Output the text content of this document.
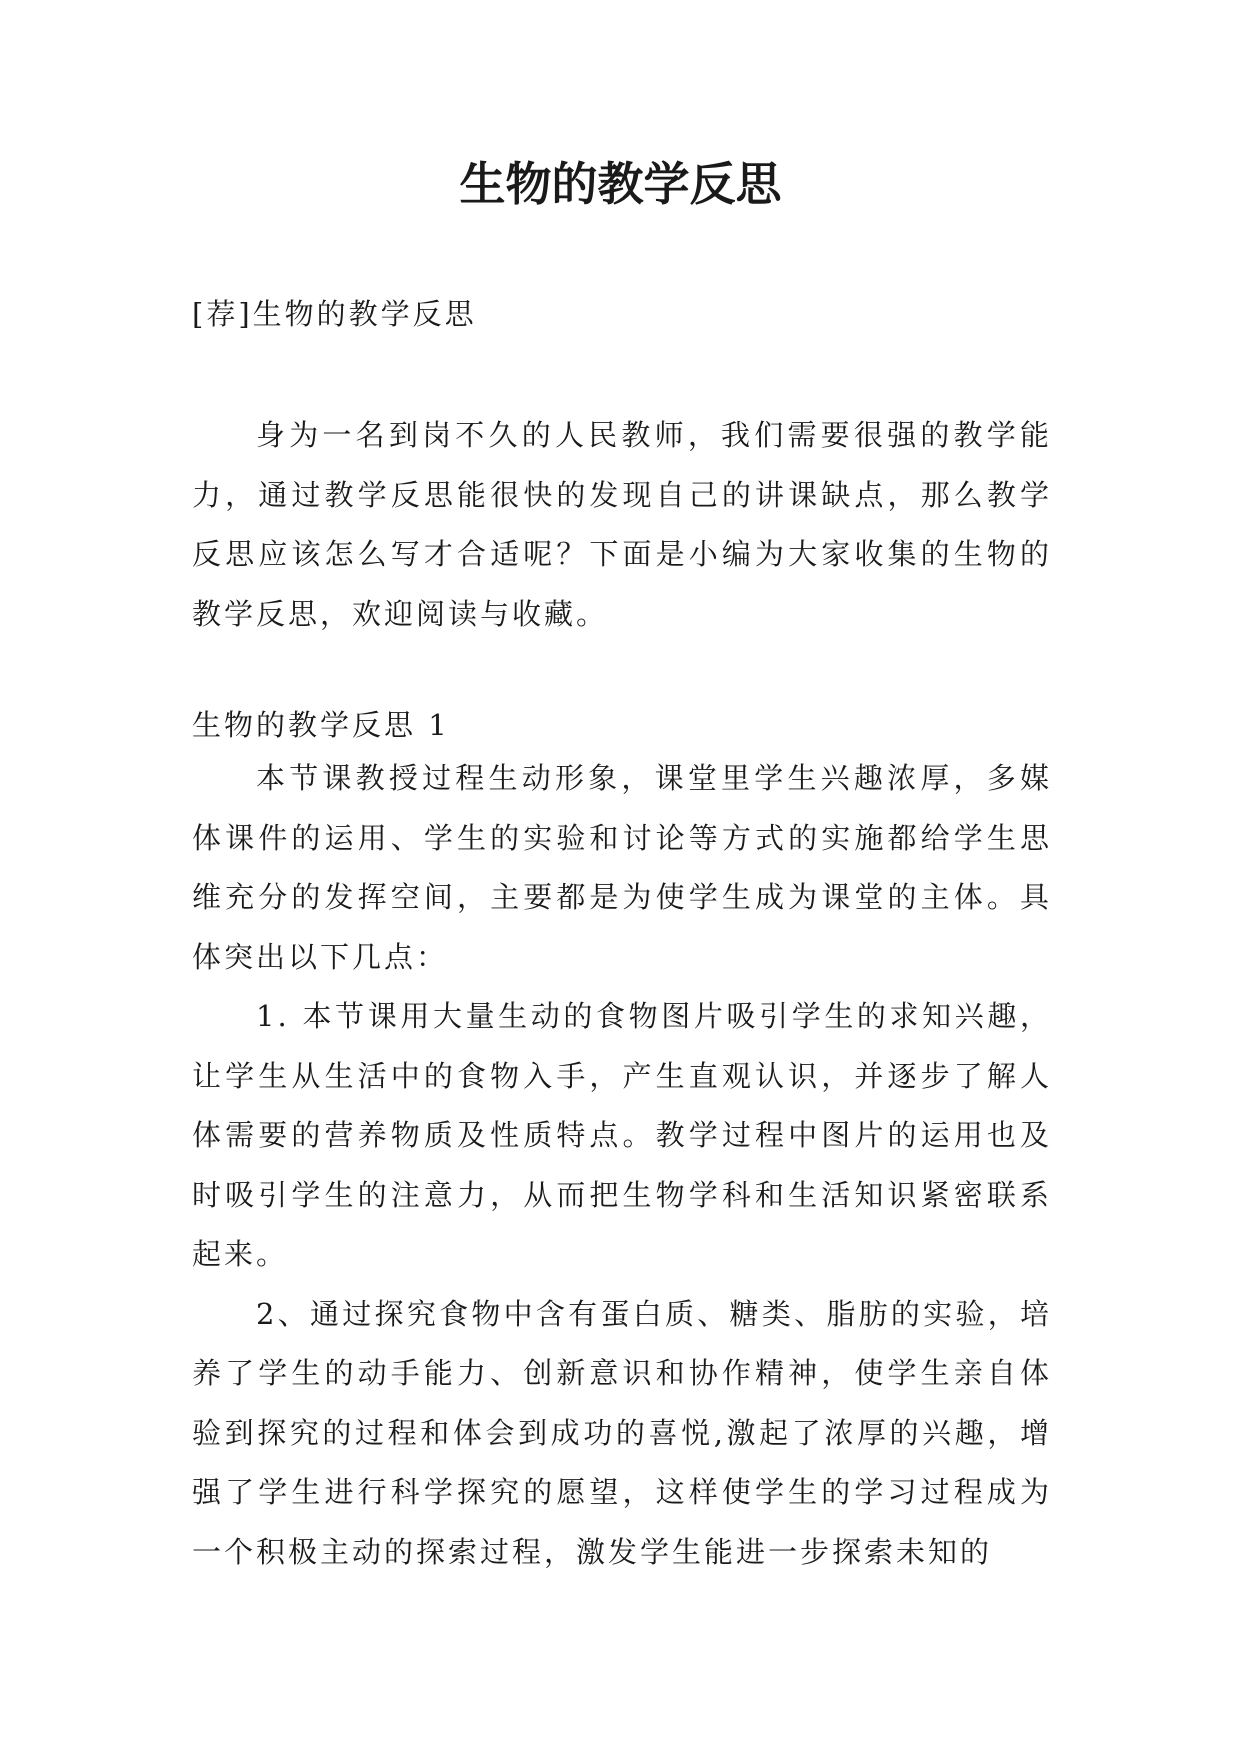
生物的教学反思
[荐]生物的教学反思

身为一名到岗不久的人民教师，我们需要很强的教学能力，通过教学反思能很快的发现自己的讲课缺点，那么教学反思应该怎么写才合适呢？下面是小编为大家收集的生物的教学反思，欢迎阅读与收藏。

生物的教学反思 1

本节课教授过程生动形象，课堂里学生兴趣浓厚，多媒体课件的运用、学生的实验和讨论等方式的实施都给学生思维充分的发挥空间，主要都是为使学生成为课堂的主体。具体突出以下几点：

1. 本节课用大量生动的食物图片吸引学生的求知兴趣，让学生从生活中的食物入手，产生直观认识，并逐步了解人体需要的营养物质及性质特点。教学过程中图片的运用也及时吸引学生的注意力，从而把生物学科和生活知识紧密联系起来。

2、通过探究食物中含有蛋白质、糖类、脂肪的实验，培养了学生的动手能力、创新意识和协作精神，使学生亲自体验到探究的过程和体会到成功的喜悦,激起了浓厚的兴趣，增强了学生进行科学探究的愿望，这样使学生的学习过程成为一个积极主动的探索过程，激发学生能进一步探索未知的
